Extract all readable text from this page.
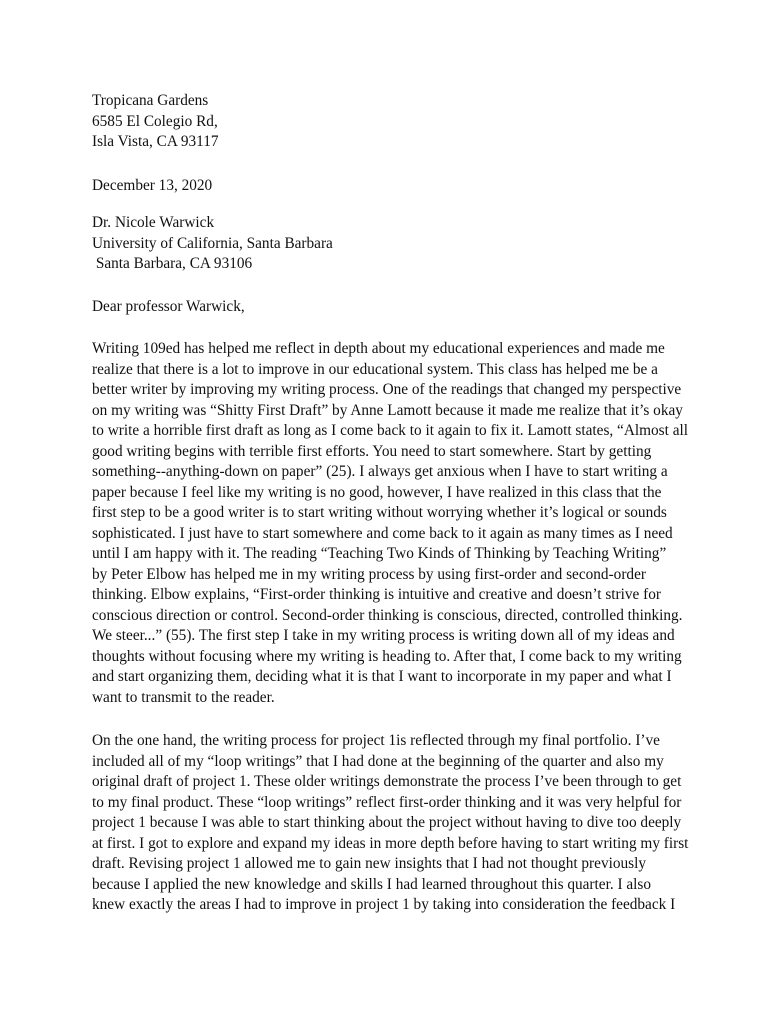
Tropicana Gardens
6585 El Colegio Rd,
Isla Vista, CA 93117
December 13, 2020
Dr. Nicole Warwick
University of California, Santa Barbara
Santa Barbara, CA 93106
Dear professor Warwick,
Writing 109ed has helped me reflect in depth about my educational experiences and made me
realize that there is a lot to improve in our educational system. This class has helped me be a
better writer by improving my writing process. One of the readings that changed my perspective
on my writing was “Shitty First Draft” by Anne Lamott because it made me realize that it’s okay
to write a horrible first draft as long as I come back to it again to fix it. Lamott states, “Almost all
good writing begins with terrible first efforts. You need to start somewhere. Start by getting
something--anything-down on paper” (25). I always get anxious when I have to start writing a
paper because I feel like my writing is no good, however, I have realized in this class that the
first step to be a good writer is to start writing without worrying whether it’s logical or sounds
sophisticated. I just have to start somewhere and come back to it again as many times as I need
until I am happy with it. The reading “Teaching Two Kinds of Thinking by Teaching Writing”
by Peter Elbow has helped me in my writing process by using first-order and second-order
thinking. Elbow explains, “First-order thinking is intuitive and creative and doesn’t strive for
conscious direction or control. Second-order thinking is conscious, directed, controlled thinking.
We steer...” (55). The first step I take in my writing process is writing down all of my ideas and
thoughts without focusing where my writing is heading to. After that, I come back to my writing
and start organizing them, deciding what it is that I want to incorporate in my paper and what I
want to transmit to the reader.
On the one hand, the writing process for project 1is reflected through my final portfolio. I’ve
included all of my “loop writings” that I had done at the beginning of the quarter and also my
original draft of project 1. These older writings demonstrate the process I’ve been through to get
to my final product. These “loop writings” reflect first-order thinking and it was very helpful for
project 1 because I was able to start thinking about the project without having to dive too deeply
at first. I got to explore and expand my ideas in more depth before having to start writing my first
draft. Revising project 1 allowed me to gain new insights that I had not thought previously
because I applied the new knowledge and skills I had learned throughout this quarter. I also
knew exactly the areas I had to improve in project 1 by taking into consideration the feedback I
